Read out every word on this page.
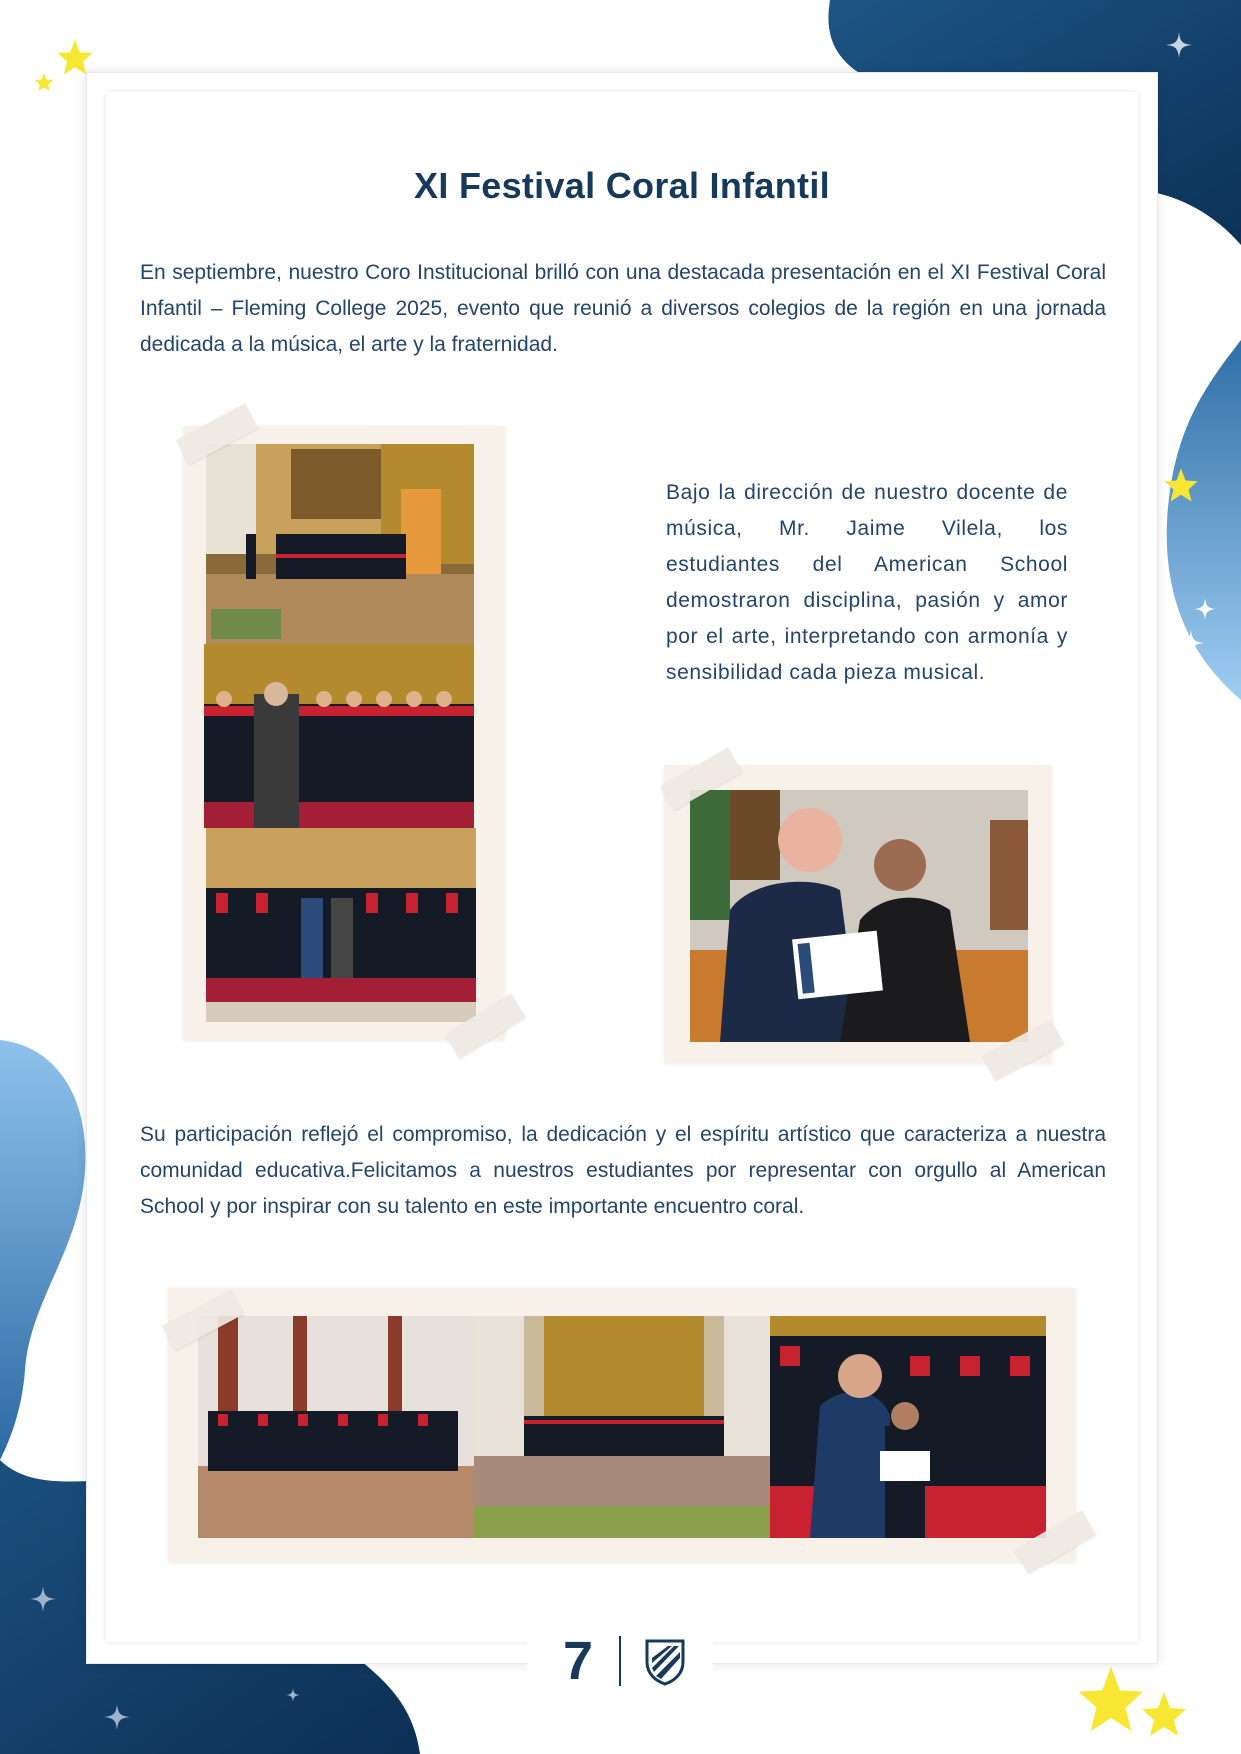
XI Festival Coral Infantil

En septiembre, nuestro Coro Institucional brilló con una destacada presentación en el XI Festival Coral Infantil – Fleming College 2025, evento que reunió a diversos colegios de la región en una jornada dedicada a la música, el arte y la fraternidad.

Bajo la dirección de nuestro docente de música, Mr. Jaime Vilela, los estudiantes del American School demostraron disciplina, pasión y amor por el arte, interpretando con armonía y sensibilidad cada pieza musical.

Su participación reflejó el compromiso, la dedicación y el espíritu artístico que caracteriza a nuestra comunidad educativa.Felicitamos a nuestros estudiantes por representar con orgullo al American School y por inspirar con su talento en este importante encuentro coral.

7
